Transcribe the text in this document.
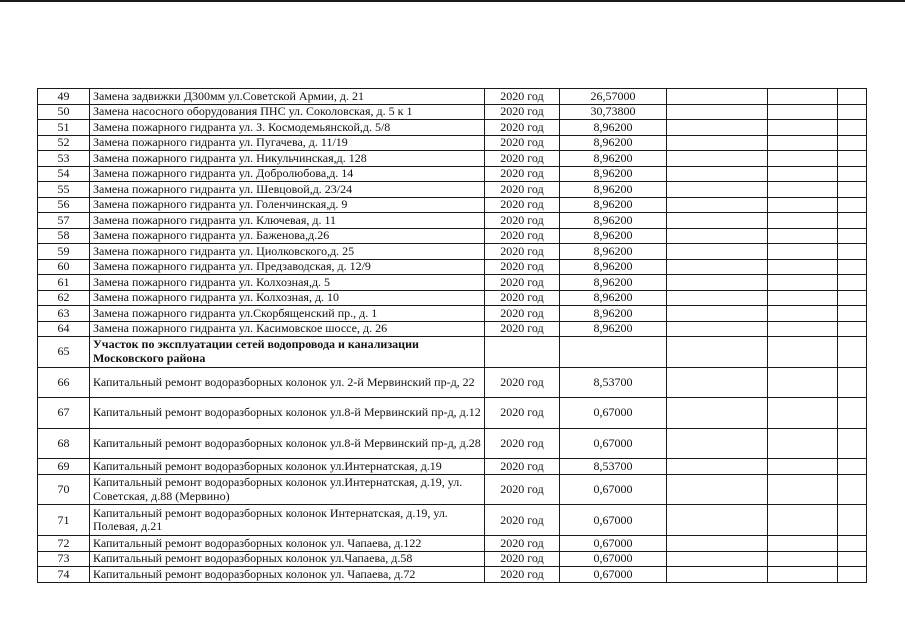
49	Замена задвижки Д300мм ул.Советской Армии, д. 21	2020 год	26,57000			
50	Замена насосного оборудования ПНС ул. Соколовская, д. 5 к 1	2020 год	30,73800			
51	Замена пожарного гидранта ул. З. Космодемьянской,д. 5/8	2020 год	8,96200			
52	Замена пожарного гидранта ул. Пугачева, д. 11/19	2020 год	8,96200			
53	Замена пожарного гидранта ул. Никульчинская,д. 128	2020 год	8,96200			
54	Замена пожарного гидранта ул. Добролюбова,д. 14	2020 год	8,96200			
55	Замена пожарного гидранта ул. Шевцовой,д. 23/24	2020 год	8,96200			
56	Замена пожарного гидранта ул. Голенчинская,д. 9	2020 год	8,96200			
57	Замена пожарного гидранта ул. Ключевая, д. 11	2020 год	8,96200			
58	Замена пожарного гидранта ул. Баженова,д.26	2020 год	8,96200			
59	Замена пожарного гидранта ул. Циолковского,д. 25	2020 год	8,96200			
60	Замена пожарного гидранта ул. Предзаводская, д. 12/9	2020 год	8,96200			
61	Замена пожарного гидранта ул. Колхозная,д. 5	2020 год	8,96200			
62	Замена пожарного гидранта ул. Колхозная, д. 10	2020 год	8,96200			
63	Замена пожарного гидранта ул.Скорбященский пр., д. 1	2020 год	8,96200			
64	Замена пожарного гидранта ул. Касимовское шоссе, д. 26	2020 год	8,96200			
65	Участок по эксплуатации сетей водопровода и канализации Московского района					
66	Капитальный ремонт водоразборных колонок ул. 2-й Мервинский пр-д, 22	2020 год	8,53700			
67	Капитальный ремонт водоразборных колонок ул.8-й Мервинский пр-д, д.12	2020 год	0,67000			
68	Капитальный ремонт водоразборных колонок ул.8-й Мервинский пр-д, д.28	2020 год	0,67000			
69	Капитальный ремонт водоразборных колонок ул.Интернатская, д.19	2020 год	8,53700			
70	Капитальный ремонт водоразборных колонок ул.Интернатская, д.19, ул. Советская, д.88 (Мервино)	2020 год	0,67000			
71	Капитальный ремонт водоразборных колонок Интернатская, д.19, ул. Полевая, д.21	2020 год	0,67000			
72	Капитальный ремонт водоразборных колонок ул. Чапаева, д.122	2020 год	0,67000			
73	Капитальный ремонт водоразборных колонок ул.Чапаева, д.58	2020 год	0,67000			
74	Капитальный ремонт водоразборных колонок ул. Чапаева, д.72	2020 год	0,67000			
